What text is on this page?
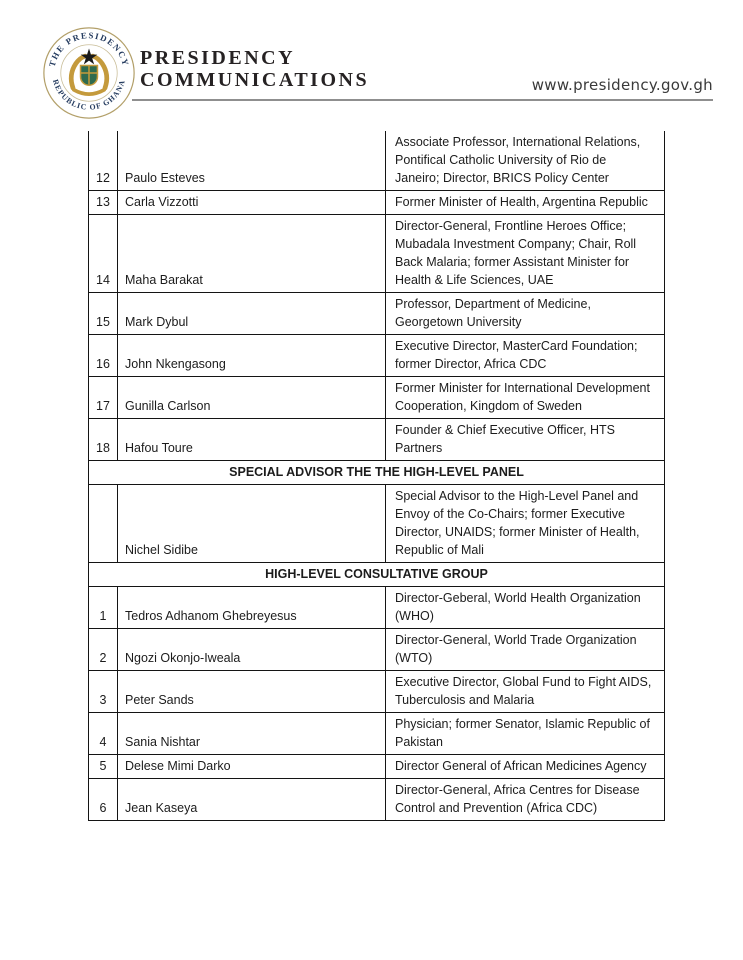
THE PRESIDENCY
REPUBLIC OF GHANA
PRESIDENCY
COMMUNICATIONS	www.presidency.gov.gh
12	Paulo Esteves	Associate Professor, International Relations, Pontifical Catholic University of Rio de Janeiro; Director, BRICS Policy Center
13	Carla Vizzotti	Former Minister of Health, Argentina Republic
14	Maha Barakat	Director-General, Frontline Heroes Office; Mubadala Investment Company; Chair, Roll Back Malaria; former Assistant Minister for Health & Life Sciences, UAE
15	Mark Dybul	Professor, Department of Medicine, Georgetown University
16	John Nkengasong	Executive Director, MasterCard Foundation; former Director, Africa CDC
17	Gunilla Carlson	Former Minister for International Development Cooperation, Kingdom of Sweden
18	Hafou Toure	Founder & Chief Executive Officer, HTS Partners
SPECIAL ADVISOR THE THE HIGH-LEVEL PANEL		
	Nichel Sidibe	Special Advisor to the High-Level Panel and Envoy of the Co-Chairs; former Executive Director, UNAIDS; former Minister of Health, Republic of Mali
HIGH-LEVEL CONSULTATIVE GROUP		
1	Tedros Adhanom Ghebreyesus	Director-Geberal, World Health Organization (WHO)
2	Ngozi Okonjo-Iweala	Director-General, World Trade Organization (WTO)
3	Peter Sands	Executive Director, Global Fund to Fight AIDS, Tuberculosis and Malaria
4	Sania Nishtar	Physician; former Senator, Islamic Republic of Pakistan
5	Delese Mimi Darko	Director General of African Medicines Agency
6	Jean Kaseya	Director-General, Africa Centres for Disease Control and Prevention (Africa CDC)
